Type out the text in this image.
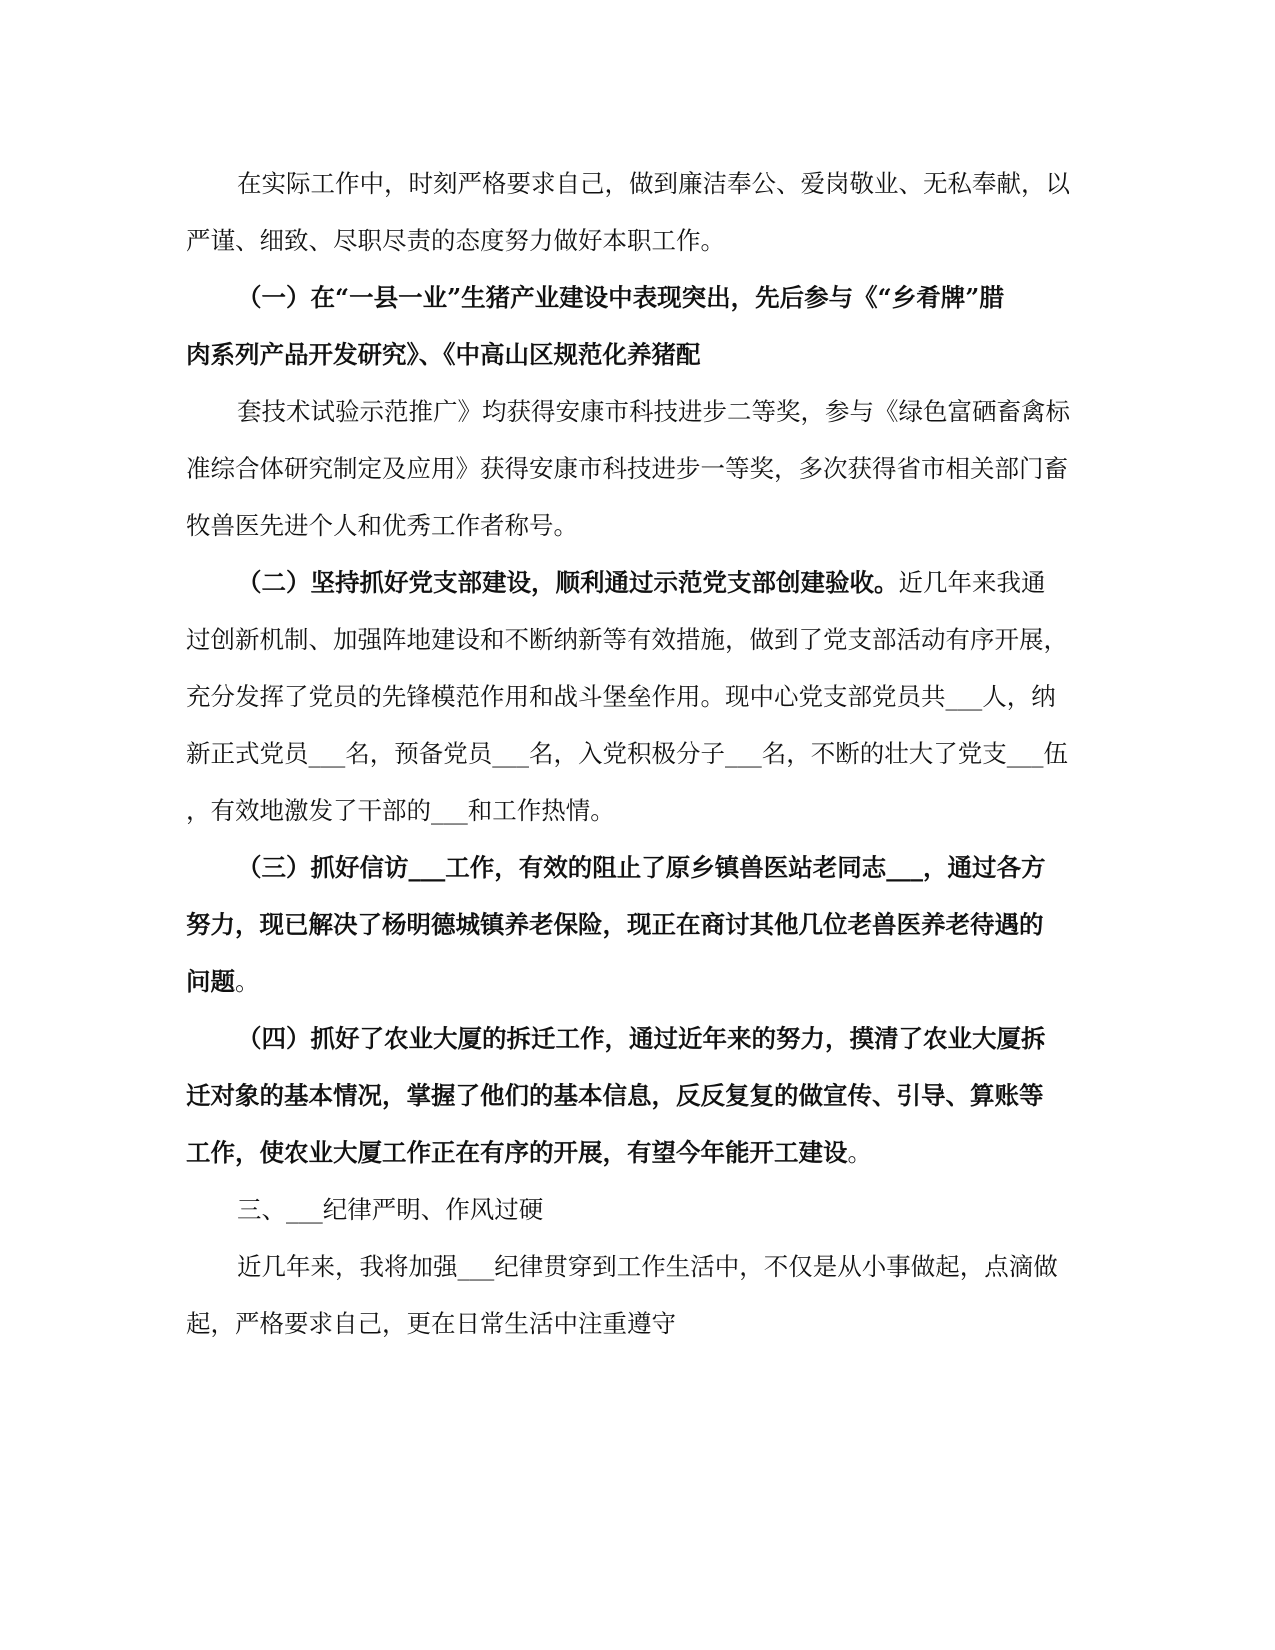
在实际工作中，时刻严格要求自己，做到廉洁奉公、爱岗敬业、无私奉献，以
严谨、细致、尽职尽责的态度努力做好本职工作。
（一）在“一县一业”生猪产业建设中表现突出，先后参与《“乡肴牌”腊
肉系列产品开发研究》、《中高山区规范化养猪配
套技术试验示范推广》均获得安康市科技进步二等奖，参与《绿色富硒畜禽标
准综合体研究制定及应用》获得安康市科技进步一等奖，多次获得省市相关部门畜
牧兽医先进个人和优秀工作者称号。
（二）坚持抓好党支部建设，顺利通过示范党支部创建验收。近几年来我通
过创新机制、加强阵地建设和不断纳新等有效措施，做到了党支部活动有序开展，
充分发挥了党员的先锋模范作用和战斗堡垒作用。现中心党支部党员共___人，纳
新正式党员___名，预备党员___名，入党积极分子___名，不断的壮大了党支___伍
，有效地激发了干部的___和工作热情。
（三）抓好信访___工作，有效的阻止了原乡镇兽医站老同志___，通过各方
努力，现已解决了杨明德城镇养老保险，现正在商讨其他几位老兽医养老待遇的
问题。
（四）抓好了农业大厦的拆迁工作，通过近年来的努力，摸清了农业大厦拆
迁对象的基本情况，掌握了他们的基本信息，反反复复的做宣传、引导、算账等
工作，使农业大厦工作正在有序的开展，有望今年能开工建设。
三、___纪律严明、作风过硬
近几年来，我将加强___纪律贯穿到工作生活中，不仅是从小事做起，点滴做
起，严格要求自己，更在日常生活中注重遵守
